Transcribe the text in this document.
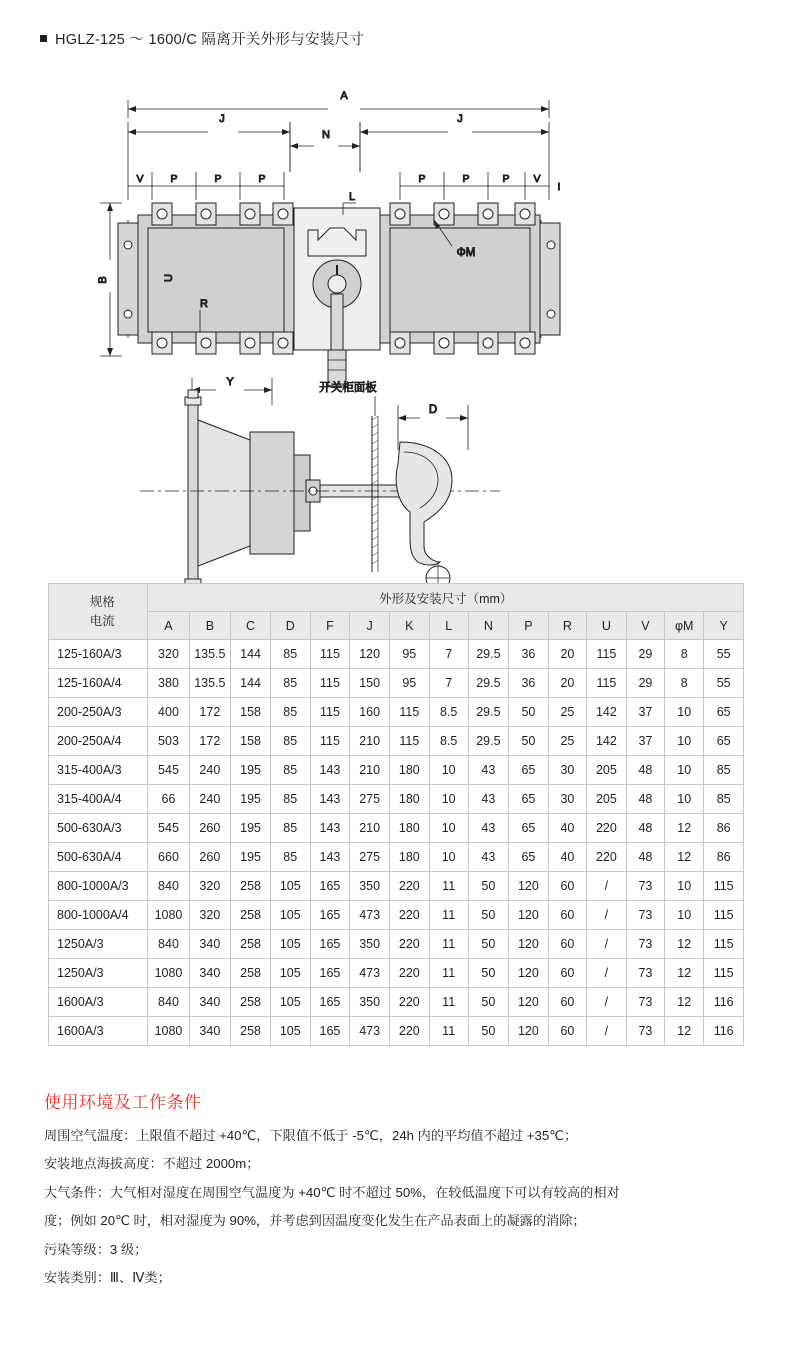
HGLZ-125 ～ 1600/C 隔离开关外形与安装尺寸
A
J
N
J
V	P	P	P	P	P	P V
I
B	U
R
L
ΦM
Y	开关柜面板
D
规格
电流	外形及安装尺寸（mm）														
	A	B	C	D	F	J	K	L	N	P	R	U	V	φM	Y
125-160A/3	320	135.5	144	85	115	120	95	7	29.5	36	20	115	29	8	55
125-160A/4	380	135.5	144	85	115	150	95	7	29.5	36	20	115	29	8	55
200-250A/3	400	172	158	85	115	160	115	8.5	29.5	50	25	142	37	10	65
200-250A/4	503	172	158	85	115	210	115	8.5	29.5	50	25	142	37	10	65
315-400A/3	545	240	195	85	143	210	180	10	43	65	30	205	48	10	85
315-400A/4	66	240	195	85	143	275	180	10	43	65	30	205	48	10	85
500-630A/3	545	260	195	85	143	210	180	10	43	65	40	220	48	12	86
500-630A/4	660	260	195	85	143	275	180	10	43	65	40	220	48	12	86
800-1000A/3	840	320	258	105	165	350	220	11	50	120	60	/	73	10	115
800-1000A/4	1080	320	258	105	165	473	220	11	50	120	60	/	73	10	115
1250A/3	840	340	258	105	165	350	220	11	50	120	60	/	73	12	115
1250A/3	1080	340	258	105	165	473	220	11	50	120	60	/	73	12	115
1600A/3	840	340	258	105	165	350	220	11	50	120	60	/	73	12	116
1600A/3	1080	340	258	105	165	473	220	11	50	120	60	/	73	12	116
使用环境及工作条件

周围空气温度：上限值不超过 +40℃，下限值不低于 -5℃，24h 内的平均值不超过 +35℃；

安装地点海拔高度：不超过 2000m；

大气条件：大气相对湿度在周围空气温度为 +40℃ 时不超过 50%，在较低温度下可以有较高的相对

度；例如 20℃ 时，相对湿度为 90%，并考虑到因温度变化发生在产品表面上的凝露的消除；

污染等级：3 级；

安装类别：Ⅲ、Ⅳ类；
